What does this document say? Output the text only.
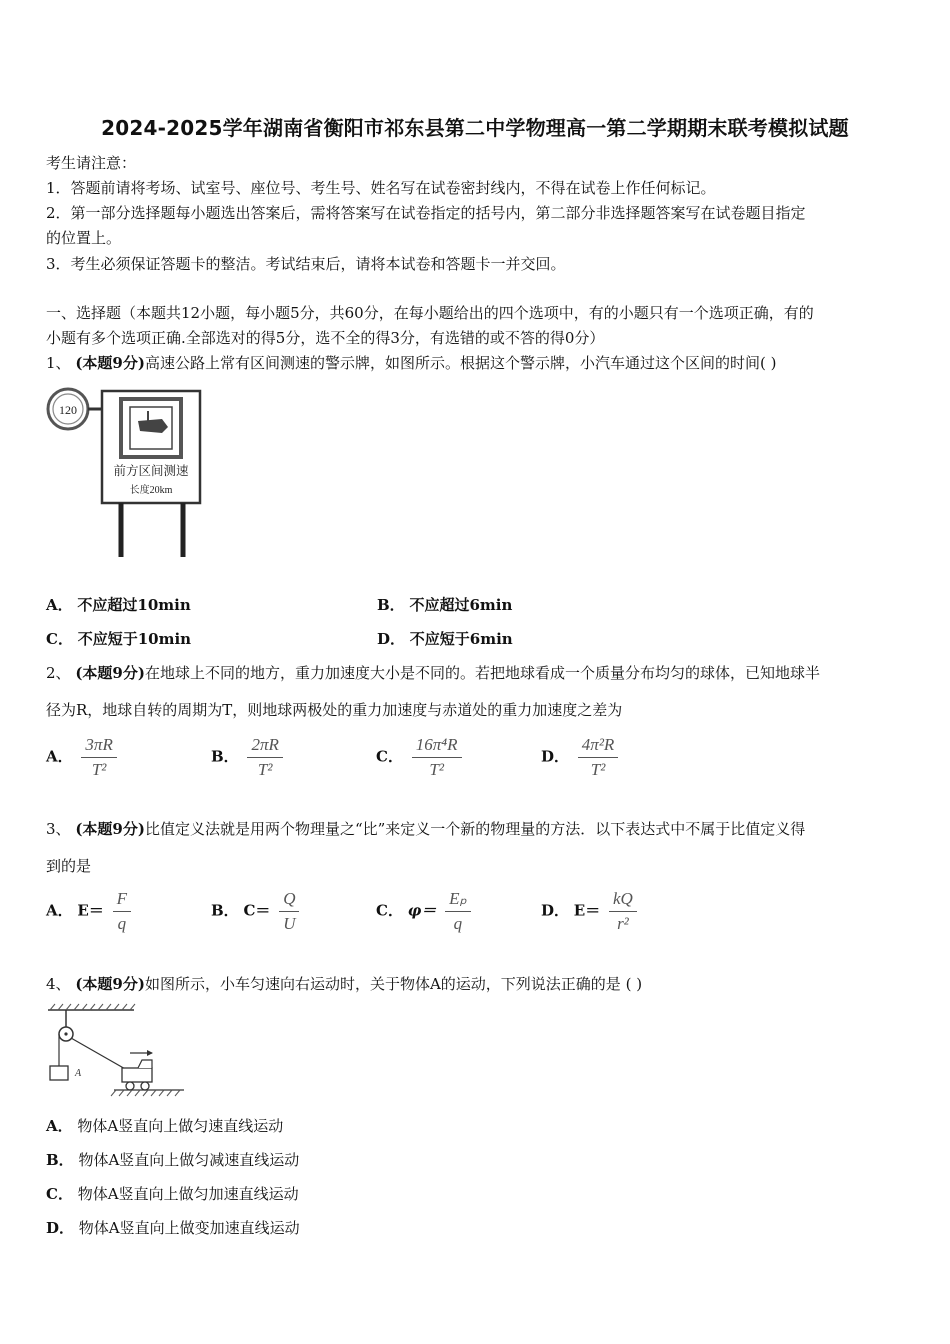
2024-2025学年湖南省衡阳市祁东县第二中学物理高一第二学期期末联考模拟试题
考生请注意：
1．答题前请将考场、试室号、座位号、考生号、姓名写在试卷密封线内，不得在试卷上作任何标记。
2．第一部分选择题每小题选出答案后，需将答案写在试卷指定的括号内，第二部分非选择题答案写在试卷题目指定
的位置上。
3．考生必须保证答题卡的整洁。考试结束后，请将本试卷和答题卡一并交回。
一、选择题（本题共12小题，每小题5分，共60分，在每小题给出的四个选项中，有的小题只有一个选项正确，有的
小题有多个选项正确.全部选对的得5分，选不全的得3分，有选错的或不答的得0分）
1、 (本题9分)高速公路上常有区间测速的警示牌，如图所示。根据这个警示牌，小汽车通过这个区间的时间( )
120
前方区间测速
长度20km
A． 不应超过10min	B． 不应超过6min
C． 不应短于10min	D． 不应短于6min
2、 (本题9分)在地球上不同的地方，重力加速度大小是不同的。若把地球看成一个质量分布均匀的球体，已知地球半
径为R，地球自转的周期为T，则地球两极处的重力加速度与赤道处的重力加速度之差为
A． $\frac{3\pi R}{\text{T²}}$	B． $\frac{2\pi R}{\text{T²}}$	C． $\frac{\text{16π⁴R}}{\text{T²}}$	D． $\frac{\text{4π²R}}{\text{T²}}$
3、 (本题9分)比值定义法就是用两个物理量之“比”来定义一个新的物理量的方法．以下表达式中不属于比值定义得
到的是
A． $E= \frac{F}{q}$	B． $C= \frac{Q}{U}$	C． $\varphi= \frac{\text{Eₚ}}{q}$	D． $E= \frac{kQ}{\text{r²}}$
4、 (本题9分)如图所示，小车匀速向右运动时，关于物体A的运动，下列说法正确的是 ( )
A
A． 物体A竖直向上做匀速直线运动
B． 物体A竖直向上做匀减速直线运动
C． 物体A竖直向上做匀加速直线运动
D． 物体A竖直向上做变加速直线运动
